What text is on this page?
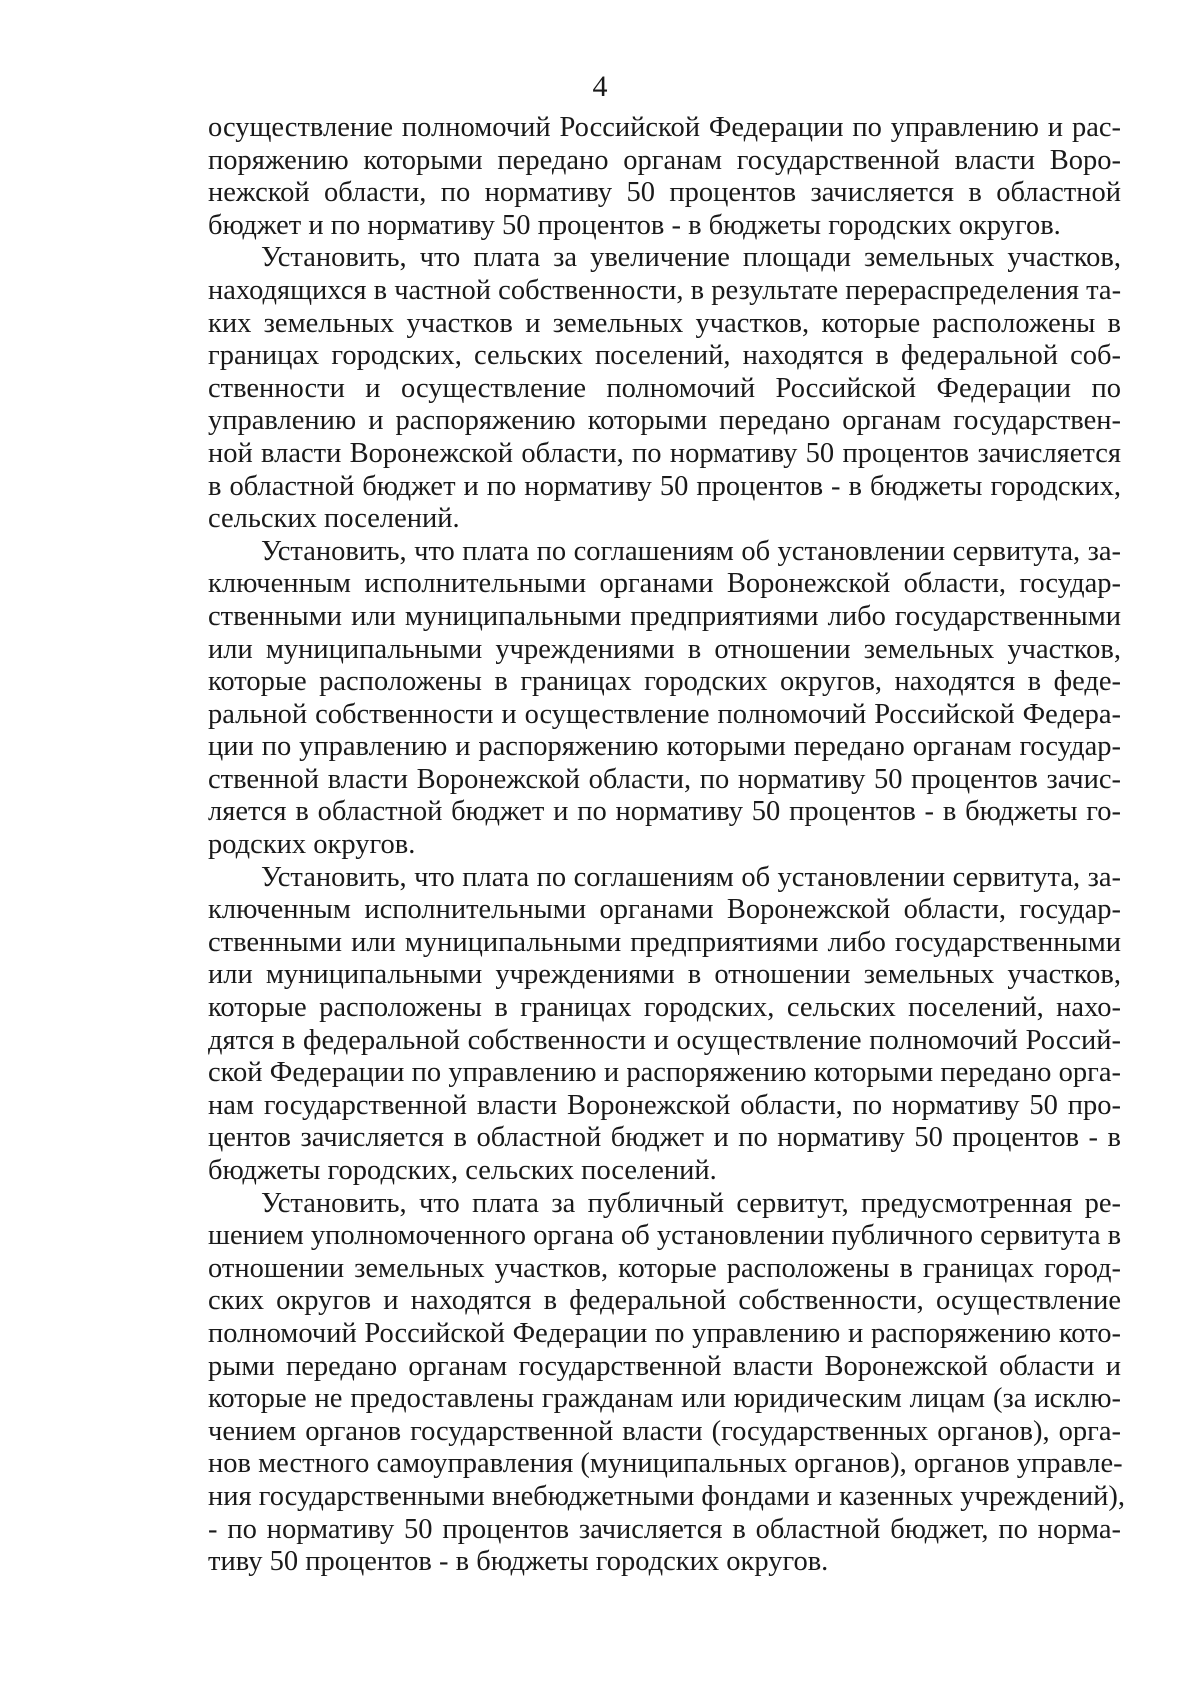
4
осуществление полномочий Российской Федерации по управлению и рас-
поряжению которыми передано органам государственной власти Воро-
нежской области, по нормативу 50 процентов зачисляется в областной
бюджет и по нормативу 50 процентов - в бюджеты городских округов.
Установить, что плата за увеличение площади земельных участков,
находящихся в частной собственности, в результате перераспределения та-
ких земельных участков и земельных участков, которые расположены в
границах городских, сельских поселений, находятся в федеральной соб-
ственности и осуществление полномочий Российской Федерации по
управлению и распоряжению которыми передано органам государствен-
ной власти Воронежской области, по нормативу 50 процентов зачисляется
в областной бюджет и по нормативу 50 процентов - в бюджеты городских,
сельских поселений.
Установить, что плата по соглашениям об установлении сервитута, за-
ключенным исполнительными органами Воронежской области, государ-
ственными или муниципальными предприятиями либо государственными
или муниципальными учреждениями в отношении земельных участков,
которые расположены в границах городских округов, находятся в феде-
ральной собственности и осуществление полномочий Российской Федера-
ции по управлению и распоряжению которыми передано органам государ-
ственной власти Воронежской области, по нормативу 50 процентов зачис-
ляется в областной бюджет и по нормативу 50 процентов - в бюджеты го-
родских округов.
Установить, что плата по соглашениям об установлении сервитута, за-
ключенным исполнительными органами Воронежской области, государ-
ственными или муниципальными предприятиями либо государственными
или муниципальными учреждениями в отношении земельных участков,
которые расположены в границах городских, сельских поселений, нахо-
дятся в федеральной собственности и осуществление полномочий Россий-
ской Федерации по управлению и распоряжению которыми передано орга-
нам государственной власти Воронежской области, по нормативу 50 про-
центов зачисляется в областной бюджет и по нормативу 50 процентов - в
бюджеты городских, сельских поселений.
Установить, что плата за публичный сервитут, предусмотренная ре-
шением уполномоченного органа об установлении публичного сервитута в
отношении земельных участков, которые расположены в границах город-
ских округов и находятся в федеральной собственности, осуществление
полномочий Российской Федерации по управлению и распоряжению кото-
рыми передано органам государственной власти Воронежской области и
которые не предоставлены гражданам или юридическим лицам (за исклю-
чением органов государственной власти (государственных органов), орга-
нов местного самоуправления (муниципальных органов), органов управле-
ния государственными внебюджетными фондами и казенных учреждений),
- по нормативу 50 процентов зачисляется в областной бюджет, по норма-
тиву 50 процентов - в бюджеты городских округов.
